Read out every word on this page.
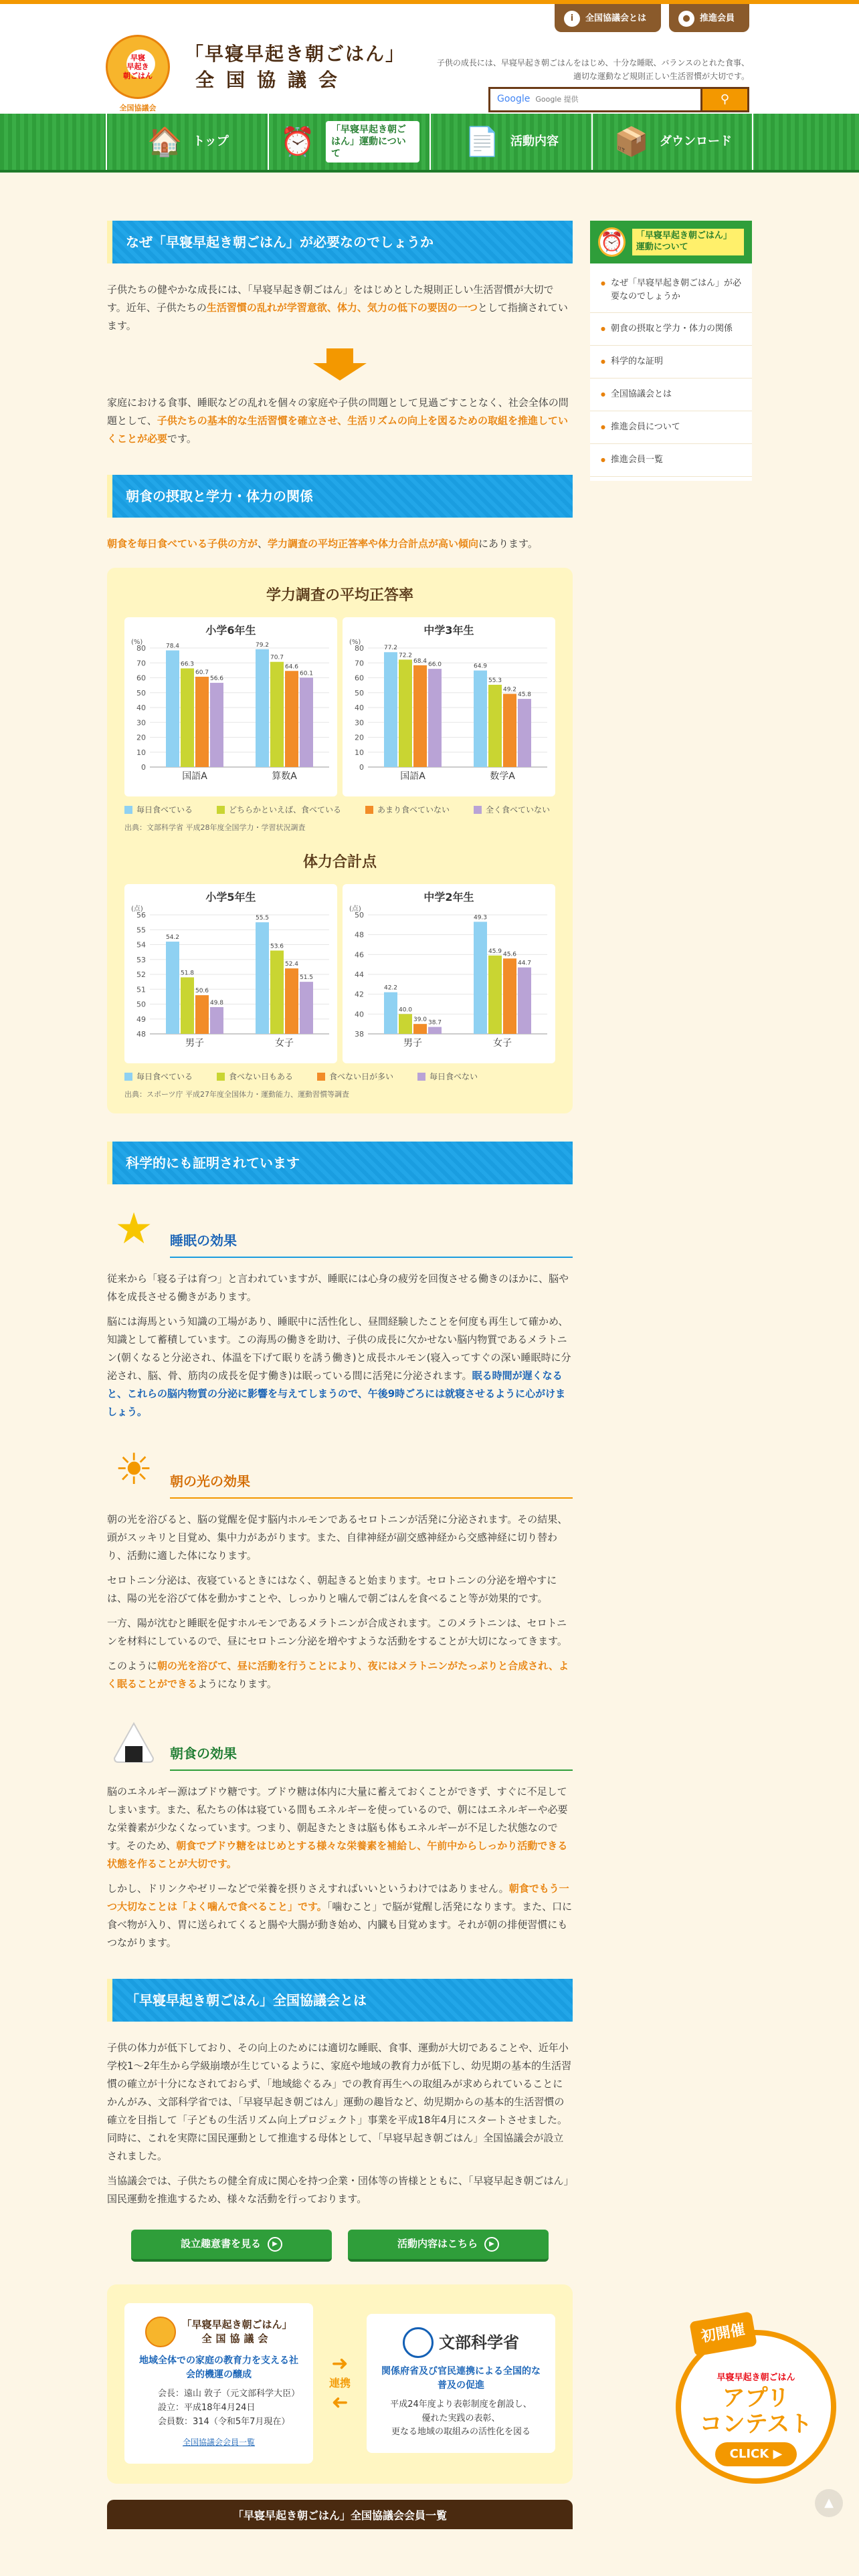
早寝
早起き
朝ごはん
全国協議会
「早寝早起き朝ごはん」
全国協議会
i	全国協議会とは	●	推進会員
子供の成長には、早寝早起き朝ごはんをはじめ、十分な睡眠、バランスのとれた食事、適切な運動など規則正しい生活習慣が大切です。
Google Google 提供	⚲
🏠 トップ ⏰	「早寝早起き朝ごはん」運動について	📄 活動内容 📦 ダウンロード
なぜ「早寝早起き朝ごはん」が必要なのでしょうか

子供たちの健やかな成長には、「早寝早起き朝ごはん」をはじめとした規則正しい生活習慣が大切です。近年、子供たちの生活習慣の乱れが学習意欲、体力、気力の低下の要因の一つとして指摘されています。

家庭における食事、睡眠などの乱れを個々の家庭や子供の問題として見過ごすことなく、社会全体の問題として、子供たちの基本的な生活習慣を確立させ、生活リズムの向上を図るための取組を推進していくことが必要です。

朝食の摂取と学力・体力の関係

朝食を毎日食べている子供の方が、学力調査の平均正答率や体力合計点が高い傾向にあります。

学力調査の平均正答率
小学6年生
(%)
0
10
20
30
40
50
60
70
80	78.4
66.3
60.7
56.6
国語A
79.2
70.7
64.6
60.1
算数A
中学3年生
(%)
0
10
20
30
40
50
60
70
80	77.2
72.2
68.4
66.0
国語A
64.9
55.3
49.2
45.8
数学A
毎日食べている	どちらかといえば、食べている	あまり食べていない	全く食べていない
出典：文部科学省 平成28年度全国学力・学習状況調査
体力合計点
小学5年生
(点)
48
49
50
51
52
53
54
55
56
54.2
51.8
50.6
49.8
男子
55.5
53.6
52.4
51.5
女子
中学2年生
(点)
38
40
42
44
46
48
50
42.2
40.0
39.0 38.7
男子
49.3
45.9 45.6
44.7
女子
毎日食べている	食べない日もある	食べない日が多い	毎日食べない
出典：スポーツ庁 平成27年度全国体力・運動能力、運動習慣等調査
科学的にも証明されています
★	睡眠の効果

従来から「寝る子は育つ」と言われていますが、睡眠には心身の疲労を回復させる働きのほかに、脳や体を成長させる働きがあります。

脳には海馬という知識の工場があり、睡眠中に活性化し、昼間経験したことを何度も再生して確かめ、知識として蓄積しています。この海馬の働きを助け、子供の成長に欠かせない脳内物質であるメラトニン(朝くなると分泌され、体温を下げて眠りを誘う働き)と成長ホルモン(寝入ってすぐの深い睡眠時に分泌され、脳、骨、筋肉の成長を促す働き)は眠っている間に活発に分泌されます。眠る時間が遅くなると、これらの脳内物質の分泌に影響を与えてしまうので、午後9時ごろには就寝させるように心がけましょう。

☀	朝の光の効果

朝の光を浴びると、脳の覚醒を促す脳内ホルモンであるセロトニンが活発に分泌されます。その結果、頭がスッキリと目覚め、集中力があがります。また、自律神経が副交感神経から交感神経に切り替わり、活動に適した体になります。

セロトニン分泌は、夜寝ているときにはなく、朝起きると始まります。セロトニンの分泌を増やすには、陽の光を浴びて体を動かすことや、しっかりと噛んで朝ごはんを食べること等が効果的です。

一方、陽が沈むと睡眠を促すホルモンであるメラトニンが合成されます。このメラトニンは、セロトニンを材料にしているので、昼にセロトニン分泌を増やすような活動をすることが大切になってきます。

このように朝の光を浴びて、昼に活動を行うことにより、夜にはメラトニンがたっぷりと合成され、よく眠ることができるようになります。

朝食の効果

脳のエネルギー源はブドウ糖です。ブドウ糖は体内に大量に蓄えておくことができず、すぐに不足してしまいます。また、私たちの体は寝ている間もエネルギーを使っているので、朝にはエネルギーや必要な栄養素が少なくなっています。つまり、朝起きたときは脳も体もエネルギーが不足した状態なのです。そのため、朝食でブドウ糖をはじめとする様々な栄養素を補給し、午前中からしっかり活動できる状態を作ることが大切です。

しかし、ドリンクやゼリーなどで栄養を摂りさえすればいいというわけではありません。朝食でもう一つ大切なことは「よく噛んで食べること」です。「噛むこと」で脳が覚醒し活発になります。また、口に食べ物が入り、胃に送られてくると腸や大腸が動き始め、内臓も目覚めます。それが朝の排便習慣にもつながります。

「早寝早起き朝ごはん」全国協議会とは

子供の体力が低下しており、その向上のためには適切な睡眠、食事、運動が大切であることや、近年小学校1〜2年生から学級崩壊が生じているように、家庭や地域の教育力が低下し、幼児期の基本的生活習慣の確立が十分になされておらず、「地域総ぐるみ」での教育再生への取組みが求められていることにかんがみ、文部科学省では、「早寝早起き朝ごはん」運動の趣旨など、幼児期からの基本的生活習慣の確立を目指して「子どもの生活リズム向上プロジェクト」事業を平成18年4月にスタートさせました。同時に、これを実際に国民運動として推進する母体として、「早寝早起き朝ごはん」全国協議会が設立されました。

当協議会では、子供たちの健全育成に関心を持つ企業・団体等の皆様とともに、「早寝早起き朝ごはん」国民運動を推進するため、様々な活動を行っております。

設立趣意書を見る	▶	活動内容はこちら	▶
「早寝早起き朝ごはん」
全国協議会
地域全体での家庭の教育力を支える社会的機運の醸成
会長：遠山 敦子（元文部科学大臣）
設立：平成18年4月24日
会員数：314（令和5年7月現在）
全国協議会会員一覧
➜
連携
➜
文部科学省
関係府省及び官民連携による全国的な普及の促進
平成24年度より表彰制度を創設し、
優れた実践の表彰、
更なる地域の取組みの活性化を図る
「早寝早起き朝ごはん」全国協議会会員一覧
⏰	「早寝早起き朝ごはん」運動について
● なぜ「早寝早起き朝ごはん」が必要なのでしょうか
● 朝食の摂取と学力・体力の関係
● 科学的な証明
● 全国協議会とは
● 推進会員について
● 推進会員一覧
早寝早起き朝ごはん
アプリ
コンテスト
CLICK ▶
初開催
▲
